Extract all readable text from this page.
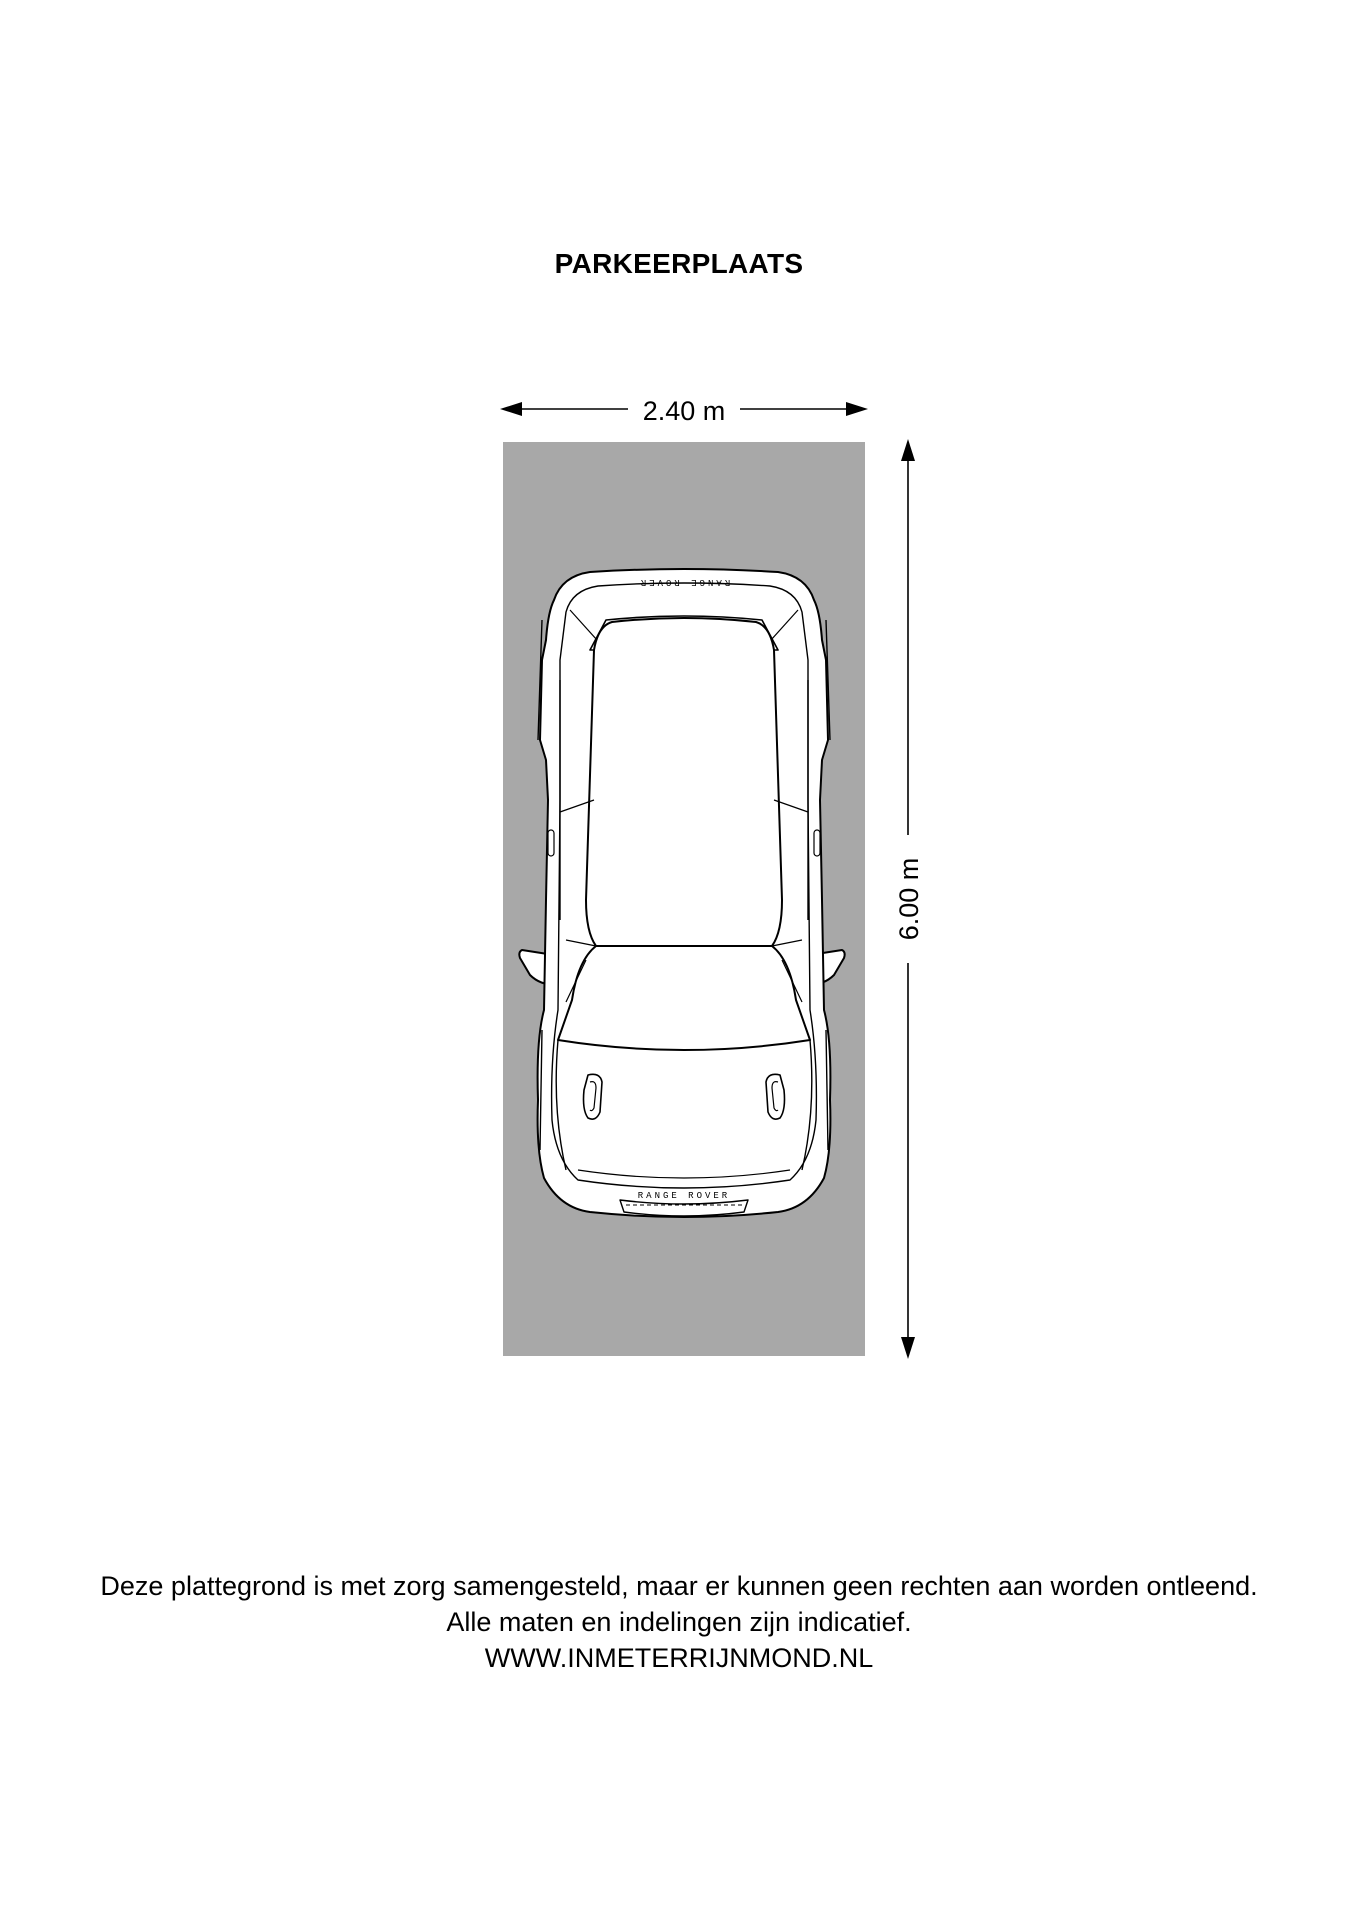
PARKEERPLAATS
2.40 m
6.00 m
RANGE ROVER
RANGE ROVER
Deze plattegrond is met zorg samengesteld, maar er kunnen geen rechten aan worden ontleend.
Alle maten en indelingen zijn indicatief.
WWW.INMETERRIJNMOND.NL
